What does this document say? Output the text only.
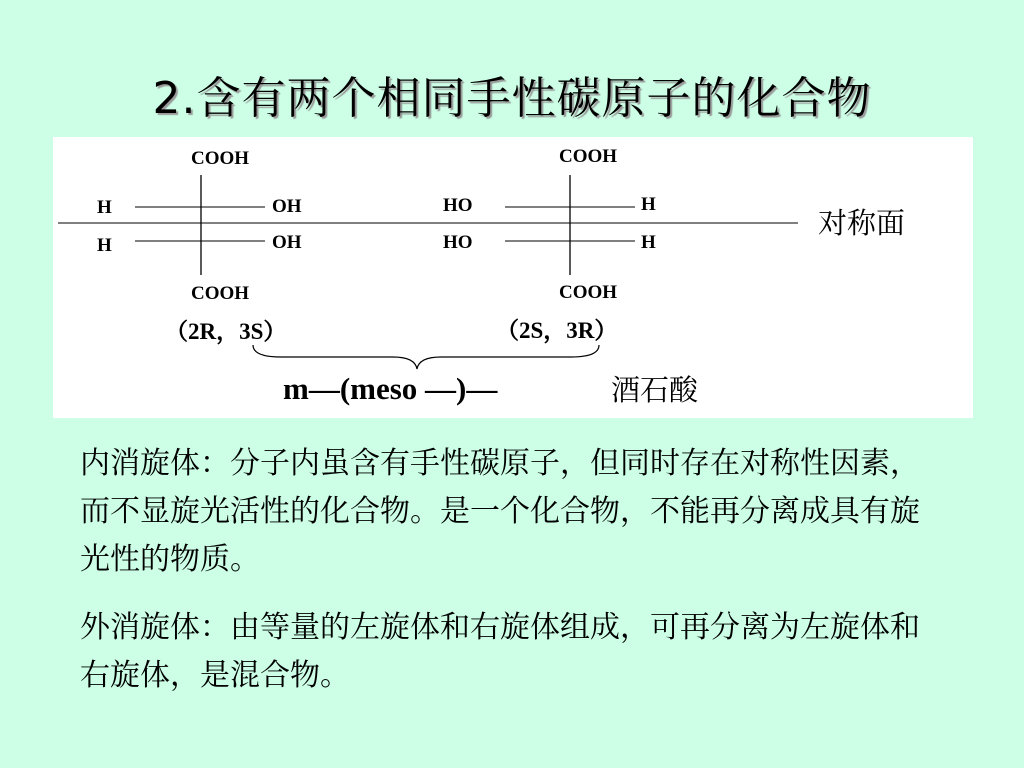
2.含有两个相同手性碳原子的化合物
COOH
H	OH
H	OH
COOH
（2R，3S）
COOH
HO	H
HO	H
COOH
（2S，3R）
对称面
m—(meso —)—	酒石酸

内消旋体：分子内虽含有手性碳原子，但同时存在对称性因素，而不显旋光活性的化合物。是一个化合物，不能再分离成具有旋光性的物质。

外消旋体：由等量的左旋体和右旋体组成，可再分离为左旋体和右旋体，是混合物。
